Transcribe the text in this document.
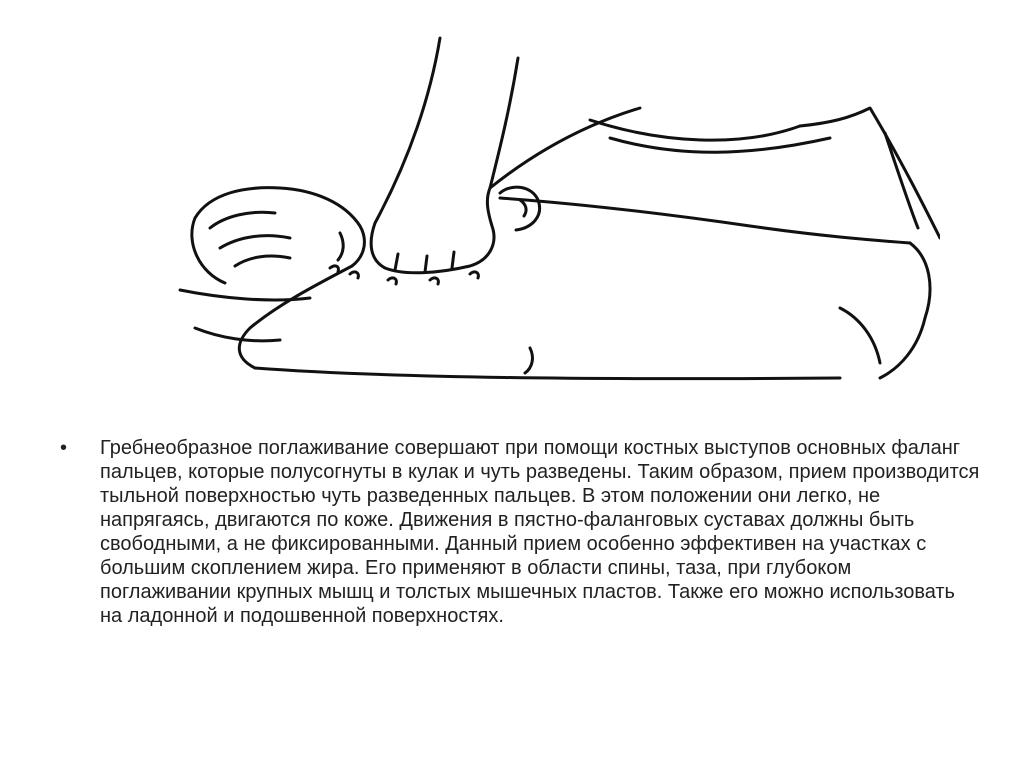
• Гребнеобразное поглаживание совершают при помощи костных выступов основных фаланг пальцев, которые полусогнуты в кулак и чуть разведены. Таким образом, прием производится тыльной поверхностью чуть разведенных пальцев. В этом положении они легко, не напрягаясь, двигаются по коже. Движения в пястно-фаланговых суставах должны быть свободными, а не фиксированными. Данный прием особенно эффективен на участках с большим скоплением жира. Его применяют в области спины, таза, при глубоком поглаживании крупных мышц и толстых мышечных пластов. Также его можно использовать на ладонной и подошвенной поверхностях.
